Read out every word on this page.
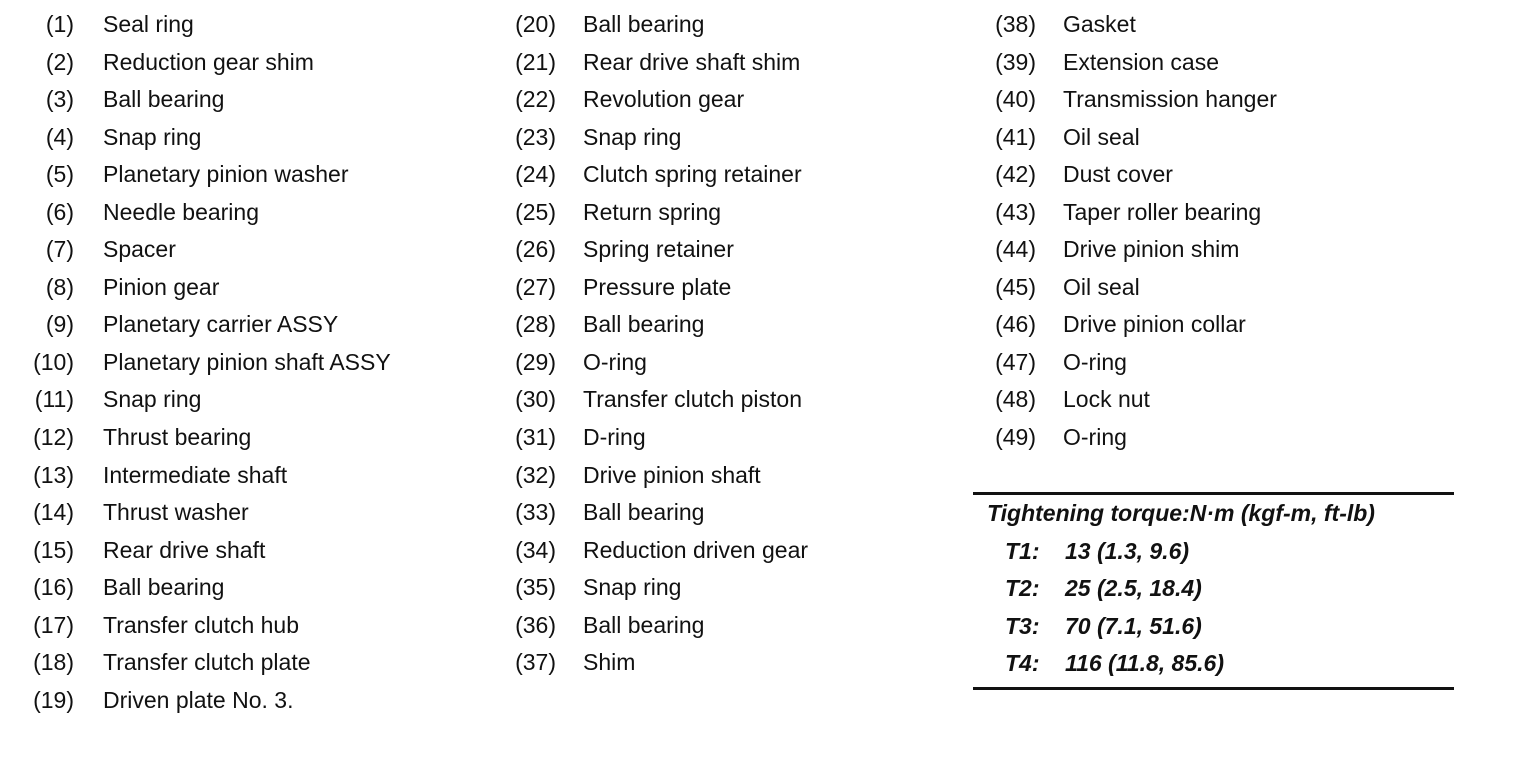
(1) Seal ring
(2) Reduction gear shim
(3) Ball bearing
(4) Snap ring
(5) Planetary pinion washer
(6) Needle bearing
(7) Spacer
(8) Pinion gear
(9) Planetary carrier ASSY
(10) Planetary pinion shaft ASSY
(11) Snap ring
(12) Thrust bearing
(13) Intermediate shaft
(14) Thrust washer
(15) Rear drive shaft
(16) Ball bearing
(17) Transfer clutch hub
(18) Transfer clutch plate
(19) Driven plate No. 3.
(20) Ball bearing
(21) Rear drive shaft shim
(22) Revolution gear
(23) Snap ring
(24) Clutch spring retainer
(25) Return spring
(26) Spring retainer
(27) Pressure plate
(28) Ball bearing
(29) O-ring
(30) Transfer clutch piston
(31) D-ring
(32) Drive pinion shaft
(33) Ball bearing
(34) Reduction driven gear
(35) Snap ring
(36) Ball bearing
(37) Shim
(38) Gasket
(39) Extension case
(40) Transmission hanger
(41) Oil seal
(42) Dust cover
(43) Taper roller bearing
(44) Drive pinion shim
(45) Oil seal
(46) Drive pinion collar
(47) O-ring
(48) Lock nut
(49) O-ring
Tightening torque:N·m (kgf-m, ft-lb)
T1: 13 (1.3, 9.6)
T2: 25 (2.5, 18.4)
T3: 70 (7.1, 51.6)
T4: 116 (11.8, 85.6)
